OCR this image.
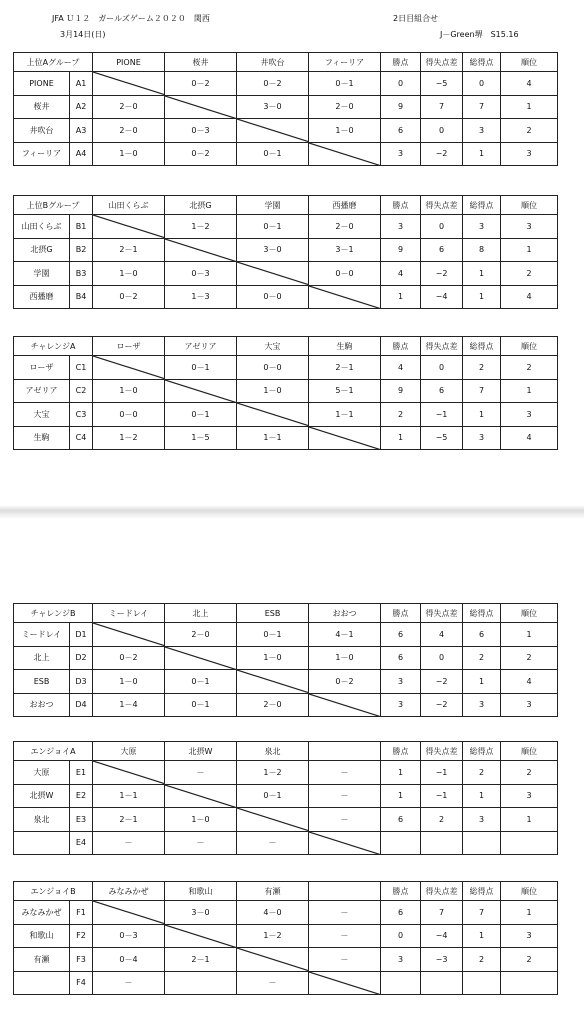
JFA Ｕ１２　ガールズゲーム２０２０　関西
3月14日(日)
2日目組合せ
J－Green堺　S15.16
上位Aグループ		PIONE	桜井	井吹台	フィーリア	勝点	得失点差	総得点	順位
PIONE	A1		0－2	0－2	0－1	0	−5	0	4
桜井	A2	2－0		3－0	2－0	9	7	7	1
井吹台	A3	2－0	0－3		1－0	6	0	3	2
フィーリア	A4	1－0	0－2	0－1		3	−2	1	3
上位Bグループ		山田くらぶ	北摂G	学園	西播磨	勝点	得失点差	総得点	順位
山田くらぶ	B1		1－2	0－1	2－0	3	0	3	3
北摂G	B2	2－1		3－0	3－1	9	6	8	1
学園	B3	1－0	0－3		0－0	4	−2	1	2
西播磨	B4	0－2	1－3	0－0		1	−4	1	4
チャレンジA		ローザ	アゼリア	大宝	生駒	勝点	得失点差	総得点	順位
ローザ	C1		0－1	0－0	2－1	4	0	2	2
アゼリア	C2	1－0		1－0	5－1	9	6	7	1
大宝	C3	0－0	0－1		1－1	2	−1	1	3
生駒	C4	1－2	1－5	1－1		1	−5	3	4
チャレンジB		ミードレイ	北上	ESB	おおつ	勝点	得失点差	総得点	順位
ミードレイ	D1		2－0	0－1	4－1	6	4	6	1
北上	D2	0－2		1－0	1－0	6	0	2	2
ESB	D3	1－0	0－1		0－2	3	−2	1	4
おおつ	D4	1－4	0－1	2－0		3	−2	3	3
エンジョイA		大原	北摂W	泉北		勝点	得失点差	総得点	順位
大原	E1		－	1－2	－	1	−1	2	2
北摂W	E2	1－1		0－1	－	1	−1	1	3
泉北	E3	2－1	1－0		－	6	2	3	1
	E4	－	－	－	

エンジョイB		みなみかぜ	和歌山	有瀬		勝点	得失点差	総得点	順位
みなみかぜ	F1		3－0	4－0	－	6	7	7	1
和歌山	F2	0－3		1－2	－	0	−4	1	3
有瀬	F3	0－4	2－1		－	3	−3	2	2
	F4	－		－	
